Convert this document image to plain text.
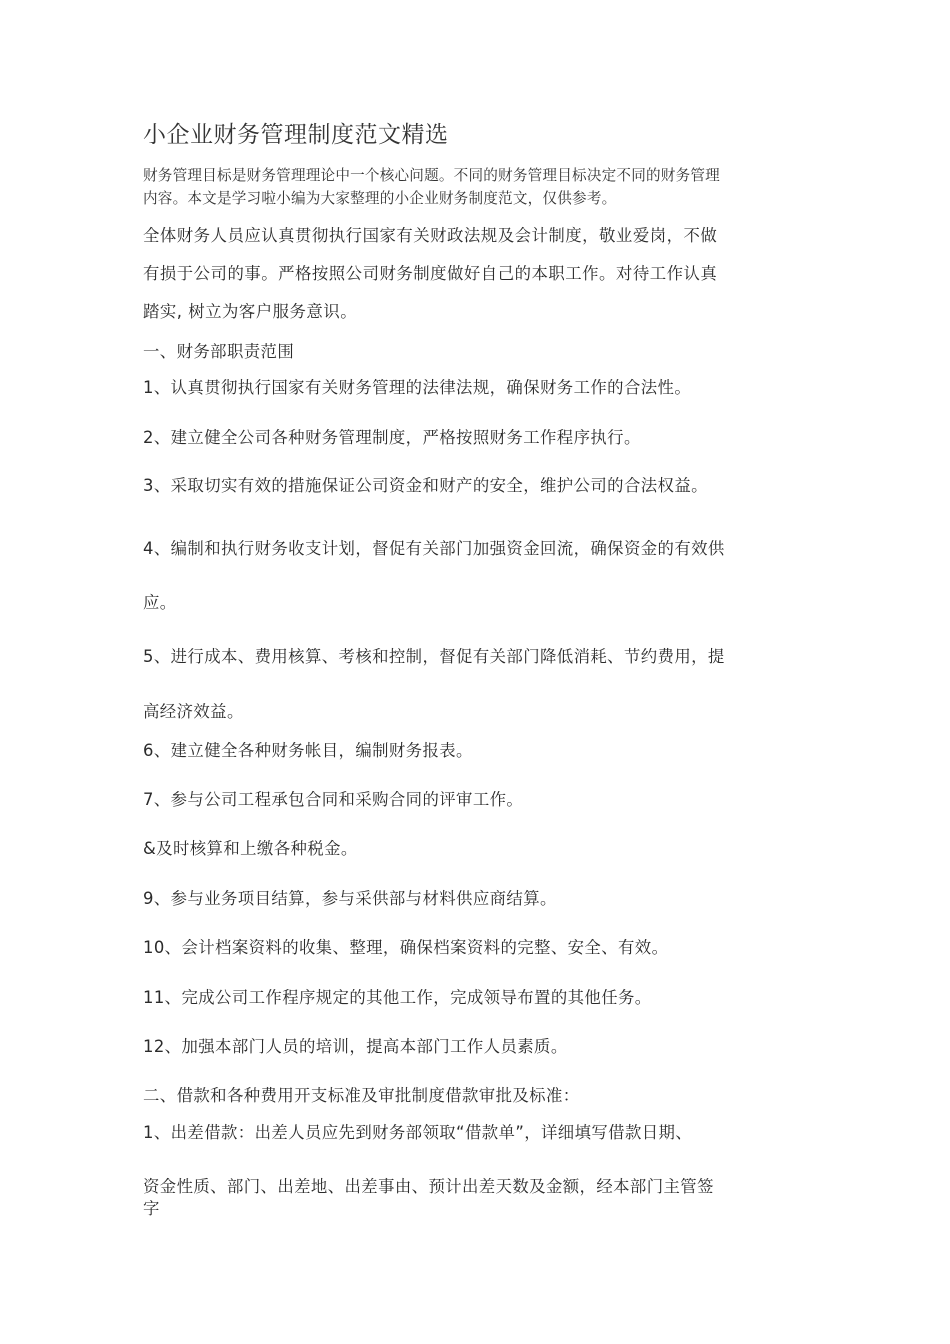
小企业财务管理制度范文精选

财务管理目标是财务管理理论中一个核心问题。不同的财务管理目标决定不同的财务管理

内容。本文是学习啦小编为大家整理的小企业财务制度范文，仅供参考。

全体财务人员应认真贯彻执行国家有关财政法规及会计制度，敬业爱岗，不做

有损于公司的事。严格按照公司财务制度做好自己的本职工作。对待工作认真

踏实, 树立为客户服务意识。

一、财务部职责范围

1、认真贯彻执行国家有关财务管理的法律法规，确保财务工作的合法性。

2、建立健全公司各种财务管理制度，严格按照财务工作程序执行。

3、采取切实有效的措施保证公司资金和财产的安全，维护公司的合法权益。

4、编制和执行财务收支计划，督促有关部门加强资金回流，确保资金的有效供

应。

5、进行成本、费用核算、考核和控制，督促有关部门降低消耗、节约费用，提

高经济效益。

6、建立健全各种财务帐目，编制财务报表。

7、参与公司工程承包合同和采购合同的评审工作。

&及时核算和上缴各种税金。

9、参与业务项目结算，参与采供部与材料供应商结算。

10、会计档案资料的收集、整理，确保档案资料的完整、安全、有效。

11、完成公司工作程序规定的其他工作，完成领导布置的其他任务。

12、加强本部门人员的培训，提高本部门工作人员素质。

二、借款和各种费用开支标准及审批制度借款审批及标准：

1、出差借款：出差人员应先到财务部领取“借款单”，详细填写借款日期、

资金性质、部门、出差地、出差事由、预计出差天数及金额，经本部门主管签

字
